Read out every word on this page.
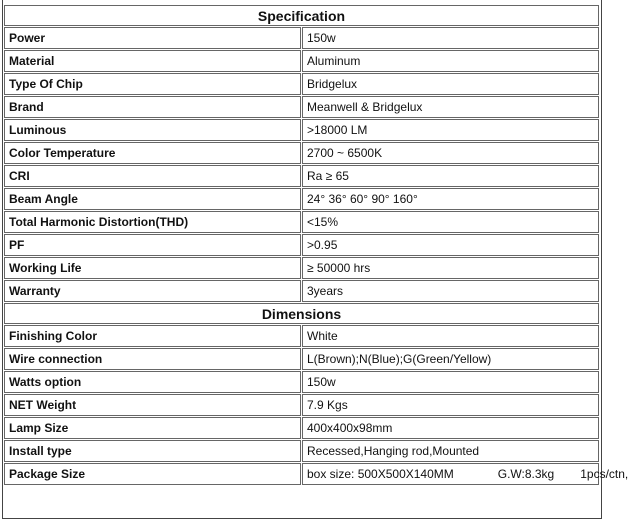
Specification	
Power	150w
Material	Aluminum
Type Of Chip	Bridgelux
Brand	Meanwell & Bridgelux
Luminous	>18000 LM
Color Temperature	2700 ~ 6500K
CRI	Ra ≥ 65
Beam Angle	24° 36° 60° 90° 160°
Total Harmonic Distortion(THD)	<15%
PF	>0.95
Working Life	≥ 50000 hrs
Warranty	3years
Dimensions	
Finishing Color	White
Wire connection	L(Brown);N(Blue);G(Green/Yellow)
Watts option	150w
NET Weight	7.9 Kgs
Lamp Size	400x400x98mm
Install type	Recessed,Hanging rod,Mounted
Package Size	box size: 500X500X140MM G.W:8.3kg 1pcs/ctn,
